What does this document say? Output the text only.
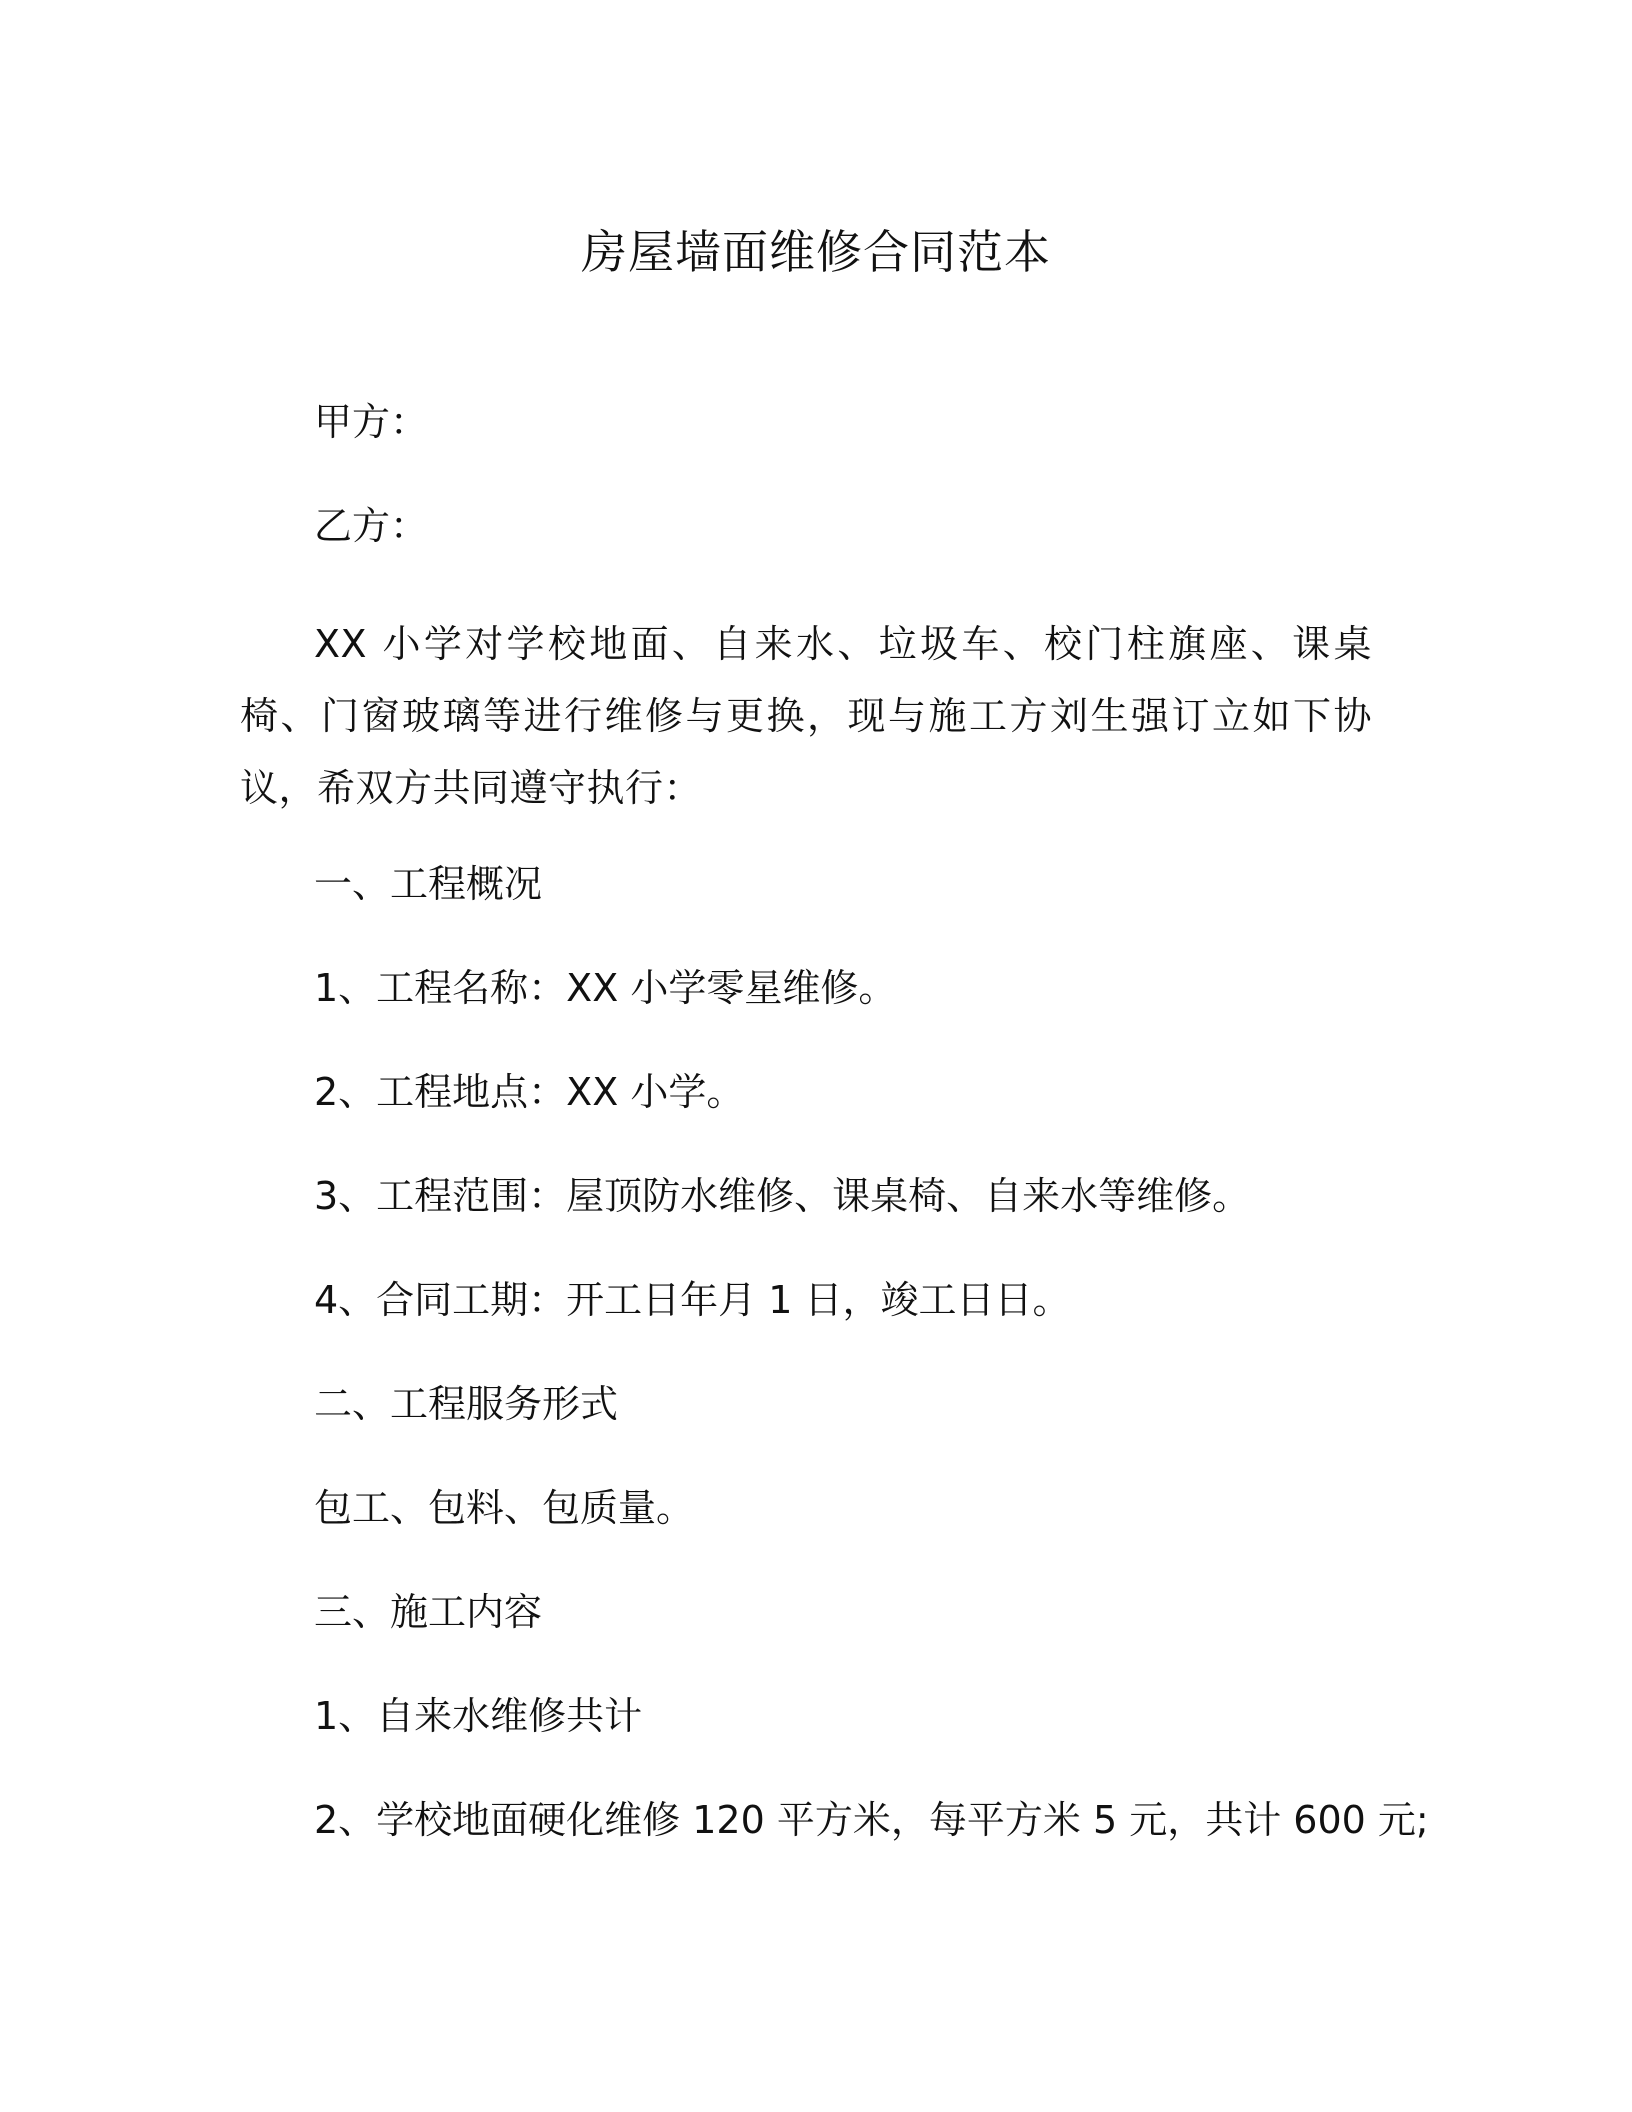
房屋墙面维修合同范本
甲方：
乙方：
XX 小学对学校地面、自来水、垃圾车、校门柱旗座、课桌椅、门窗玻璃等进行维修与更换，现与施工方刘生强订立如下协议，希双方共同遵守执行：
一、工程概况
1、工程名称：XX 小学零星维修。
2、工程地点：XX 小学。
3、工程范围：屋顶防水维修、课桌椅、自来水等维修。
4、合同工期：开工日年月 1 日，竣工日日。
二、工程服务形式
包工、包料、包质量。
三、施工内容
1、自来水维修共计
2、学校地面硬化维修 120 平方米，每平方米 5 元，共计 600 元;
